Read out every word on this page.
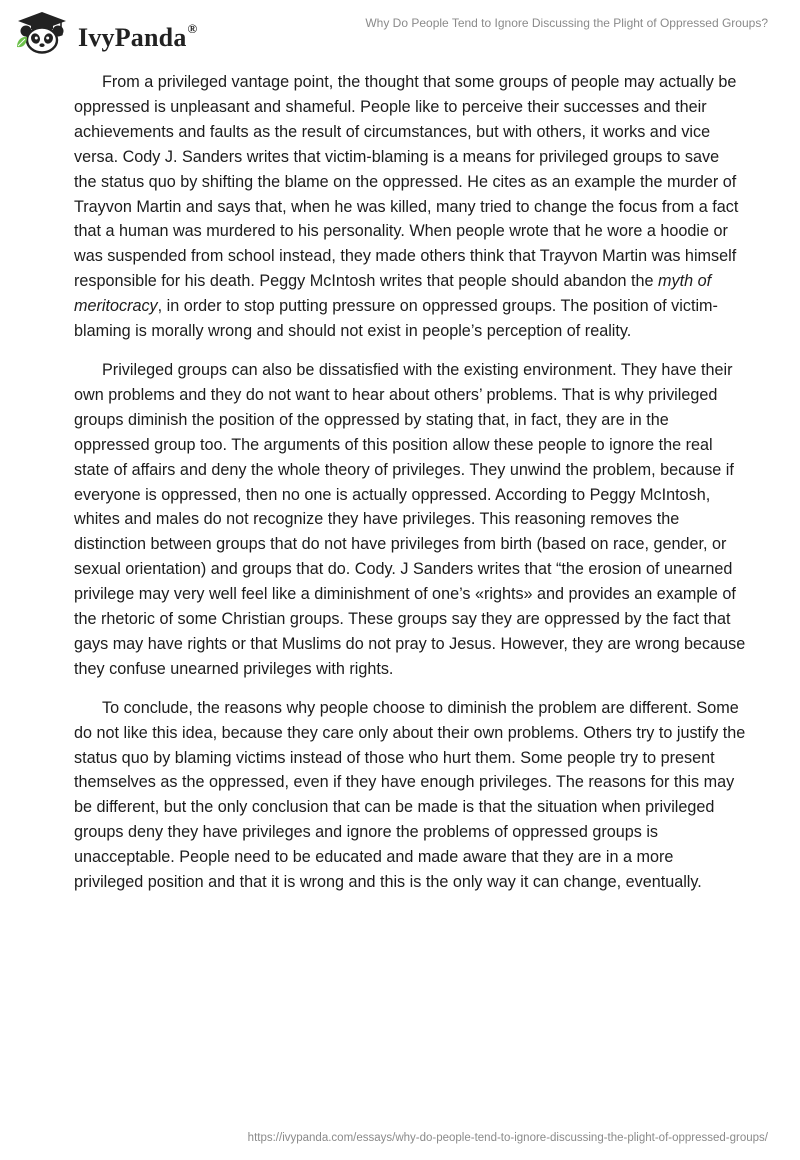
IvyPanda®	Why Do People Tend to Ignore Discussing the Plight of Oppressed Groups?

From a privileged vantage point, the thought that some groups of people may actually be oppressed is unpleasant and shameful. People like to perceive their successes and their achievements and faults as the result of circumstances, but with others, it works and vice versa. Cody J. Sanders writes that victim-blaming is a means for privileged groups to save the status quo by shifting the blame on the oppressed. He cites as an example the murder of Trayvon Martin and says that, when he was killed, many tried to change the focus from a fact that a human was murdered to his personality. When people wrote that he wore a hoodie or was suspended from school instead, they made others think that Trayvon Martin was himself responsible for his death. Peggy McIntosh writes that people should abandon the myth of meritocracy, in order to stop putting pressure on oppressed groups. The position of victim-blaming is morally wrong and should not exist in people’s perception of reality.

Privileged groups can also be dissatisfied with the existing environment. They have their own problems and they do not want to hear about others’ problems. That is why privileged groups diminish the position of the oppressed by stating that, in fact, they are in the oppressed group too. The arguments of this position allow these people to ignore the real state of affairs and deny the whole theory of privileges. They unwind the problem, because if everyone is oppressed, then no one is actually oppressed. According to Peggy McIntosh, whites and males do not recognize they have privileges. This reasoning removes the distinction between groups that do not have privileges from birth (based on race, gender, or sexual orientation) and groups that do. Cody. J Sanders writes that “the erosion of unearned privilege may very well feel like a diminishment of one’s «rights» and provides an example of the rhetoric of some Christian groups. These groups say they are oppressed by the fact that gays may have rights or that Muslims do not pray to Jesus. However, they are wrong because they confuse unearned privileges with rights.

To conclude, the reasons why people choose to diminish the problem are different. Some do not like this idea, because they care only about their own problems. Others try to justify the status quo by blaming victims instead of those who hurt them. Some people try to present themselves as the oppressed, even if they have enough privileges. The reasons for this may be different, but the only conclusion that can be made is that the situation when privileged groups deny they have privileges and ignore the problems of oppressed groups is unacceptable. People need to be educated and made aware that they are in a more privileged position and that it is wrong and this is the only way it can change, eventually.

https://ivypanda.com/essays/why-do-people-tend-to-ignore-discussing-the-plight-of-oppressed-groups/
